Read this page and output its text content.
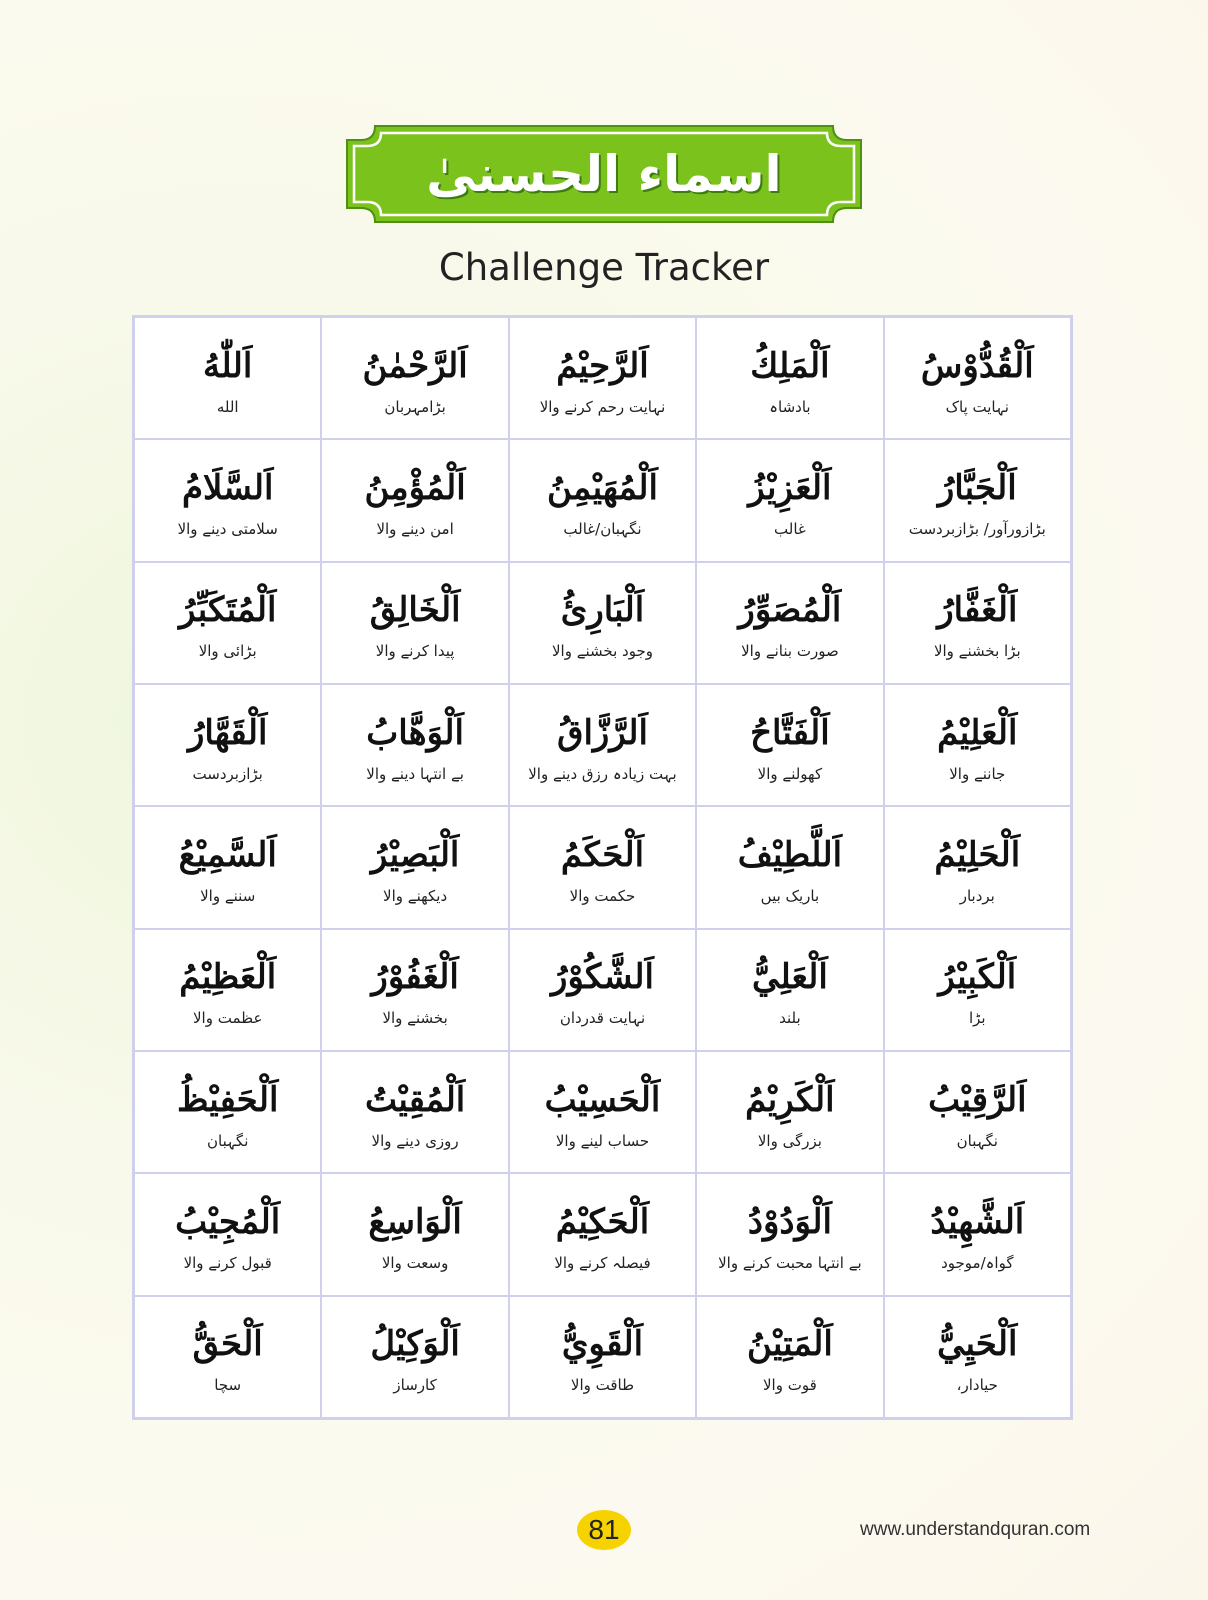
اسماء الحسنیٰ
Challenge Tracker
اَللّٰهُ
الله
اَلرَّحْمٰنُ
بڑامہربان
اَلرَّحِيْمُ
نہایت رحم کرنے والا
اَلْمَلِكُ
بادشاہ
اَلْقُدُّوْسُ
نہایت پاک
اَلسَّلَامُ
سلامتی دینے والا
اَلْمُؤْمِنُ
امن دینے والا
اَلْمُهَيْمِنُ
نگہبان/غالب
اَلْعَزِيْزُ
غالب
اَلْجَبَّارُ
بڑازورآور/ بڑازبردست
اَلْمُتَكَبِّرُ
بڑائی والا
اَلْخَالِقُ
پیدا کرنے والا
اَلْبَارِئُ
وجود بخشنے والا
اَلْمُصَوِّرُ
صورت بنانے والا
اَلْغَفَّارُ
بڑا بخشنے والا
اَلْقَهَّارُ
بڑازبردست
اَلْوَهَّابُ
بے انتہا دینے والا
اَلرَّزَّاقُ
بہت زیادہ رزق دینے والا
اَلْفَتَّاحُ
کھولنے والا
اَلْعَلِيْمُ
جاننے والا
اَلسَّمِيْعُ
سننے والا
اَلْبَصِيْرُ
دیکھنے والا
اَلْحَكَمُ
حکمت والا
اَللَّطِيْفُ
باریک بیں
اَلْحَلِيْمُ
بردبار
اَلْعَظِيْمُ
عظمت والا
اَلْغَفُوْرُ
بخشنے والا
اَلشَّكُوْرُ
نہایت قدردان
اَلْعَلِيُّ
بلند
اَلْكَبِيْرُ
بڑا
اَلْحَفِيْظُ
نگہبان
اَلْمُقِيْتُ
روزی دینے والا
اَلْحَسِيْبُ
حساب لینے والا
اَلْكَرِيْمُ
بزرگی والا
اَلرَّقِيْبُ
نگہبان
اَلْمُجِيْبُ
قبول کرنے والا
اَلْوَاسِعُ
وسعت والا
اَلْحَكِيْمُ
فیصلہ کرنے والا
اَلْوَدُوْدُ
بے انتہا محبت کرنے والا
اَلشَّهِيْدُ
گواہ/موجود
اَلْحَقُّ
سچا
اَلْوَكِيْلُ
کارساز
اَلْقَوِيُّ
طاقت والا
اَلْمَتِيْنُ
قوت والا
اَلْحَيِيُّ
حیادار،
81	www.understandquran.com
